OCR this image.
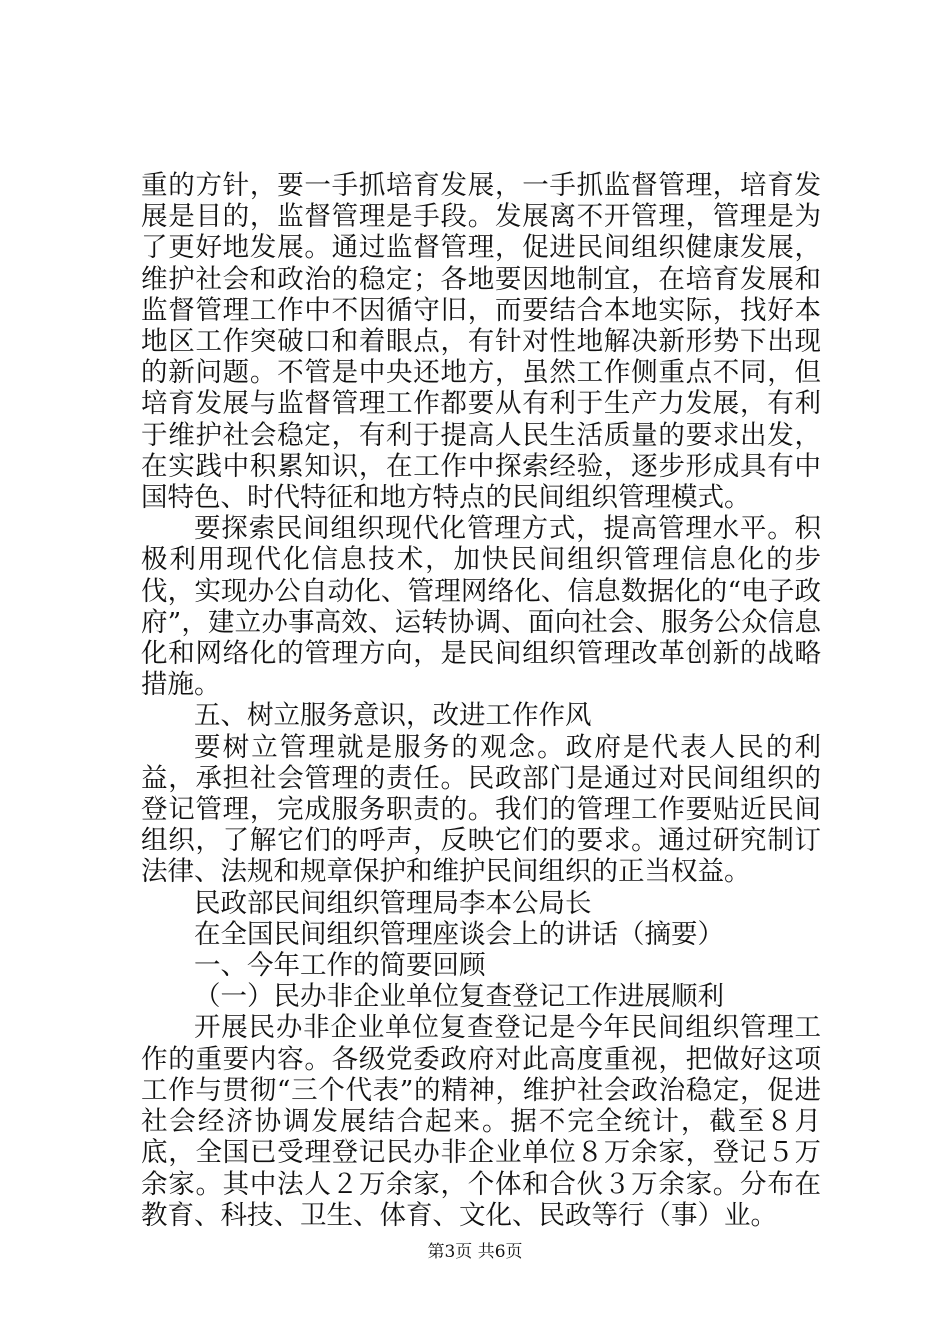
重的方针，要一手抓培育发展，一手抓监督管理，培育发展是目的，监督管理是手段。发展离不开管理，管理是为了更好地发展。通过监督管理，促进民间组织健康发展，维护社会和政治的稳定；各地要因地制宜，在培育发展和监督管理工作中不因循守旧，而要结合本地实际，找好本地区工作突破口和着眼点，有针对性地解决新形势下出现的新问题。不管是中央还地方，虽然工作侧重点不同，但培育发展与监督管理工作都要从有利于生产力发展，有利于维护社会稳定，有利于提高人民生活质量的要求出发，在实践中积累知识，在工作中探索经验，逐步形成具有中国特色、时代特征和地方特点的民间组织管理模式。

要探索民间组织现代化管理方式，提高管理水平。积极利用现代化信息技术，加快民间组织管理信息化的步伐，实现办公自动化、管理网络化、信息数据化的“电子政府”，建立办事高效、运转协调、面向社会、服务公众信息化和网络化的管理方向，是民间组织管理改革创新的战略措施。

五、树立服务意识，改进工作作风

要树立管理就是服务的观念。政府是代表人民的利益，承担社会管理的责任。民政部门是通过对民间组织的登记管理，完成服务职责的。我们的管理工作要贴近民间组织，了解它们的呼声，反映它们的要求。通过研究制订法律、法规和规章保护和维护民间组织的正当权益。

民政部民间组织管理局李本公局长

在全国民间组织管理座谈会上的讲话（摘要）

一、今年工作的简要回顾

（一）民办非企业单位复查登记工作进展顺利

开展民办非企业单位复查登记是今年民间组织管理工作的重要内容。各级党委政府对此高度重视，把做好这项工作与贯彻“三个代表”的精神，维护社会政治稳定，促进社会经济协调发展结合起来。据不完全统计，截至８月底，全国已受理登记民办非企业单位８万余家，登记５万余家。其中法人２万余家，个体和合伙３万余家。分布在教育、科技、卫生、体育、文化、民政等行（事）业。

第3页 共6页
